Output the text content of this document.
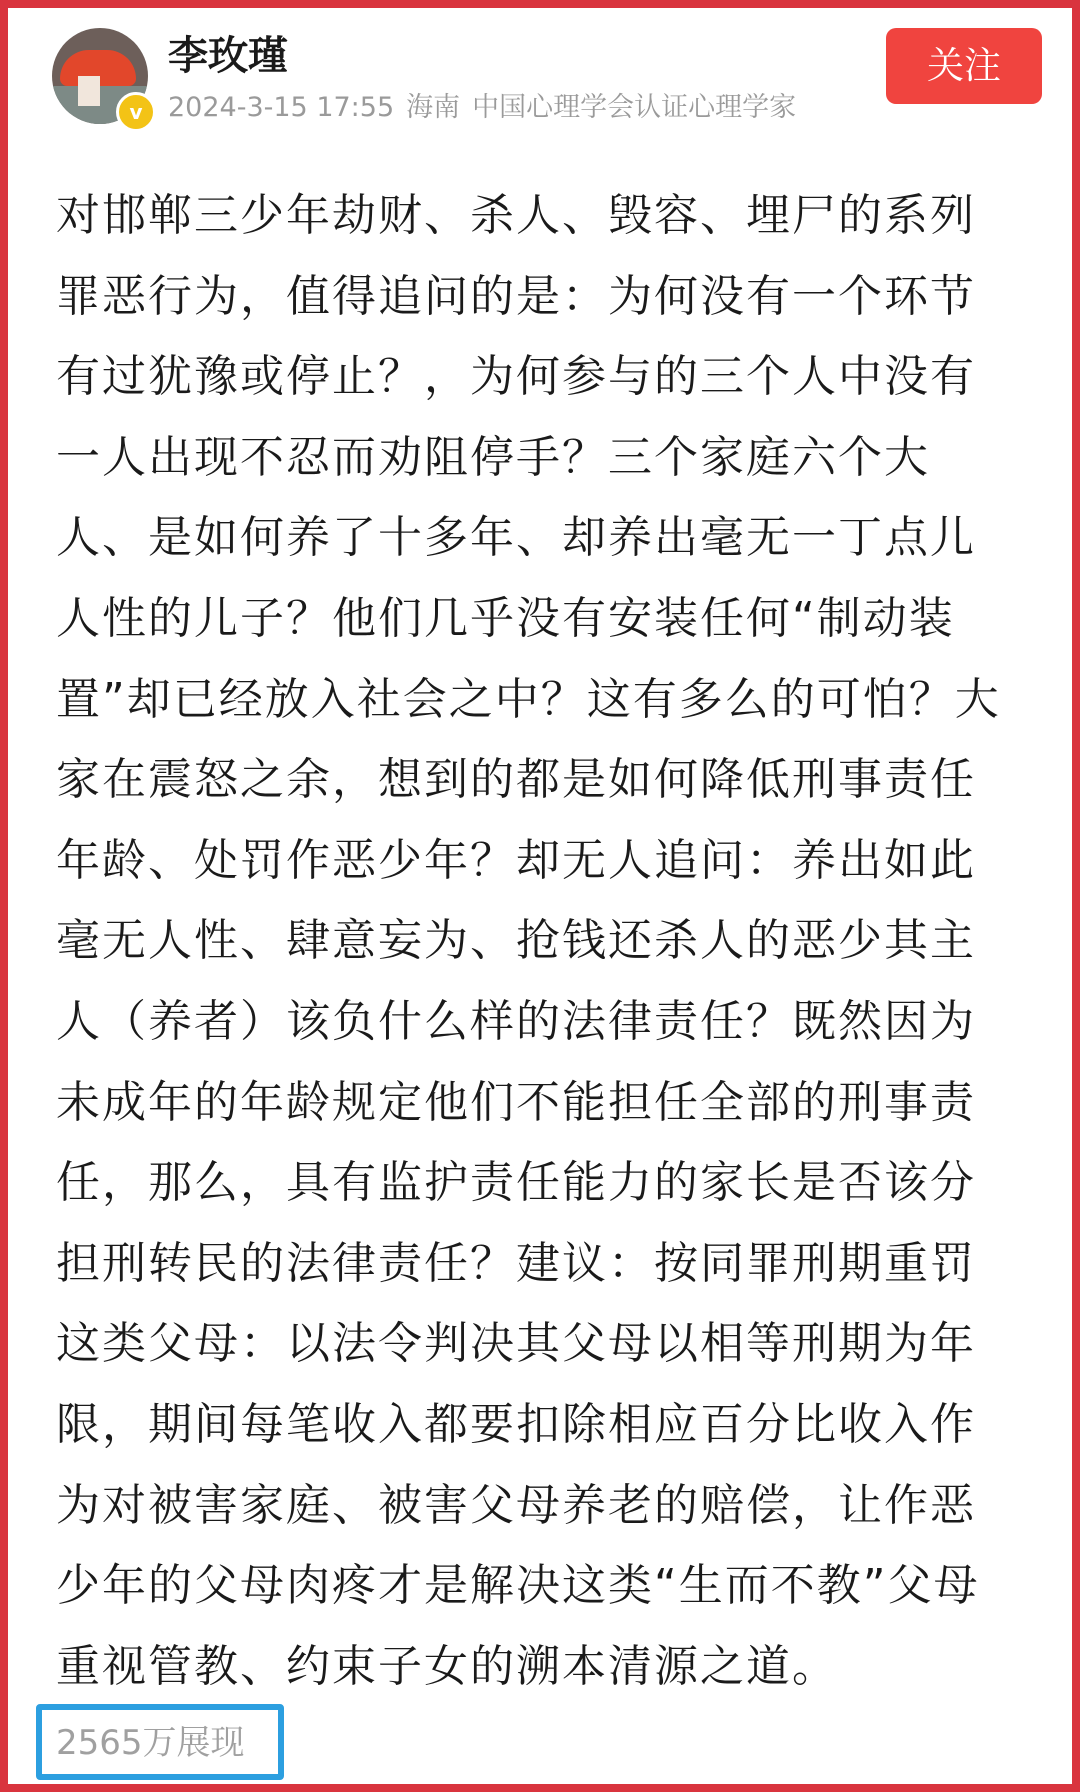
v
李玫瑾
2024-3-15 17:55 海南 中国心理学会认证心理学家
关注
对邯郸三少年劫财、杀人、毁容、埋尸的系列
罪恶行为，值得追问的是：为何没有一个环节
有过犹豫或停止？，为何参与的三个人中没有
一人出现不忍而劝阻停手？三个家庭六个大
人、是如何养了十多年、却养出毫无一丁点儿
人性的儿子？他们几乎没有安装任何“制动装
置”却已经放入社会之中？这有多么的可怕？大
家在震怒之余，想到的都是如何降低刑事责任
年龄、处罚作恶少年？却无人追问：养出如此
毫无人性、肆意妄为、抢钱还杀人的恶少其主
人（养者）该负什么样的法律责任？既然因为
未成年的年龄规定他们不能担任全部的刑事责
任，那么，具有监护责任能力的家长是否该分
担刑转民的法律责任？建议：按同罪刑期重罚
这类父母：以法令判决其父母以相等刑期为年
限，期间每笔收入都要扣除相应百分比收入作
为对被害家庭、被害父母养老的赔偿，让作恶
少年的父母肉疼才是解决这类“生而不教”父母
重视管教、约束子女的溯本清源之道。
2565万展现
